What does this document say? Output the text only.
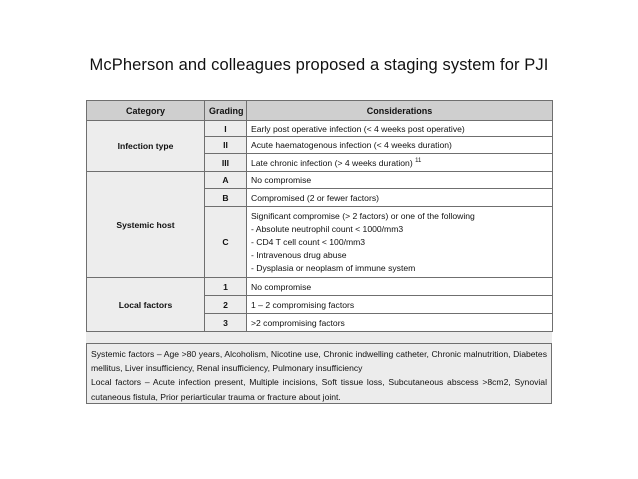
McPherson and colleagues proposed a staging system for PJI
Category	Grading	Considerations
Infection type	I	Early post operative infection (< 4 weeks post operative)
	II	Acute haematogenous infection (< 4 weeks duration)
	III	Late chronic infection (> 4 weeks duration) $^{11}$
Systemic host	A	No compromise
	B	Compromised (2 or fewer factors)
	C	Significant compromise (> 2 factors) or one of the following
- Absolute neutrophil count < 1000/mm3
- CD4 T cell count < 100/mm3
- Intravenous drug abuse
- Dysplasia or neoplasm of immune system

Local factors	1	No compromise
	2	1 – 2 compromising factors
	3	>2 compromising factors
Systemic factors – Age >80 years, Alcoholism, Nicotine use, Chronic indwelling catheter, Chronic malnutrition, Diabetes mellitus, Liver insufficiency, Renal insufficiency, Pulmonary insufficiency
Local factors – Acute infection present, Multiple incisions, Soft tissue loss, Subcutaneous abscess >8cm2, Synovial cutaneous fistula, Prior periarticular trauma or fracture about joint.
